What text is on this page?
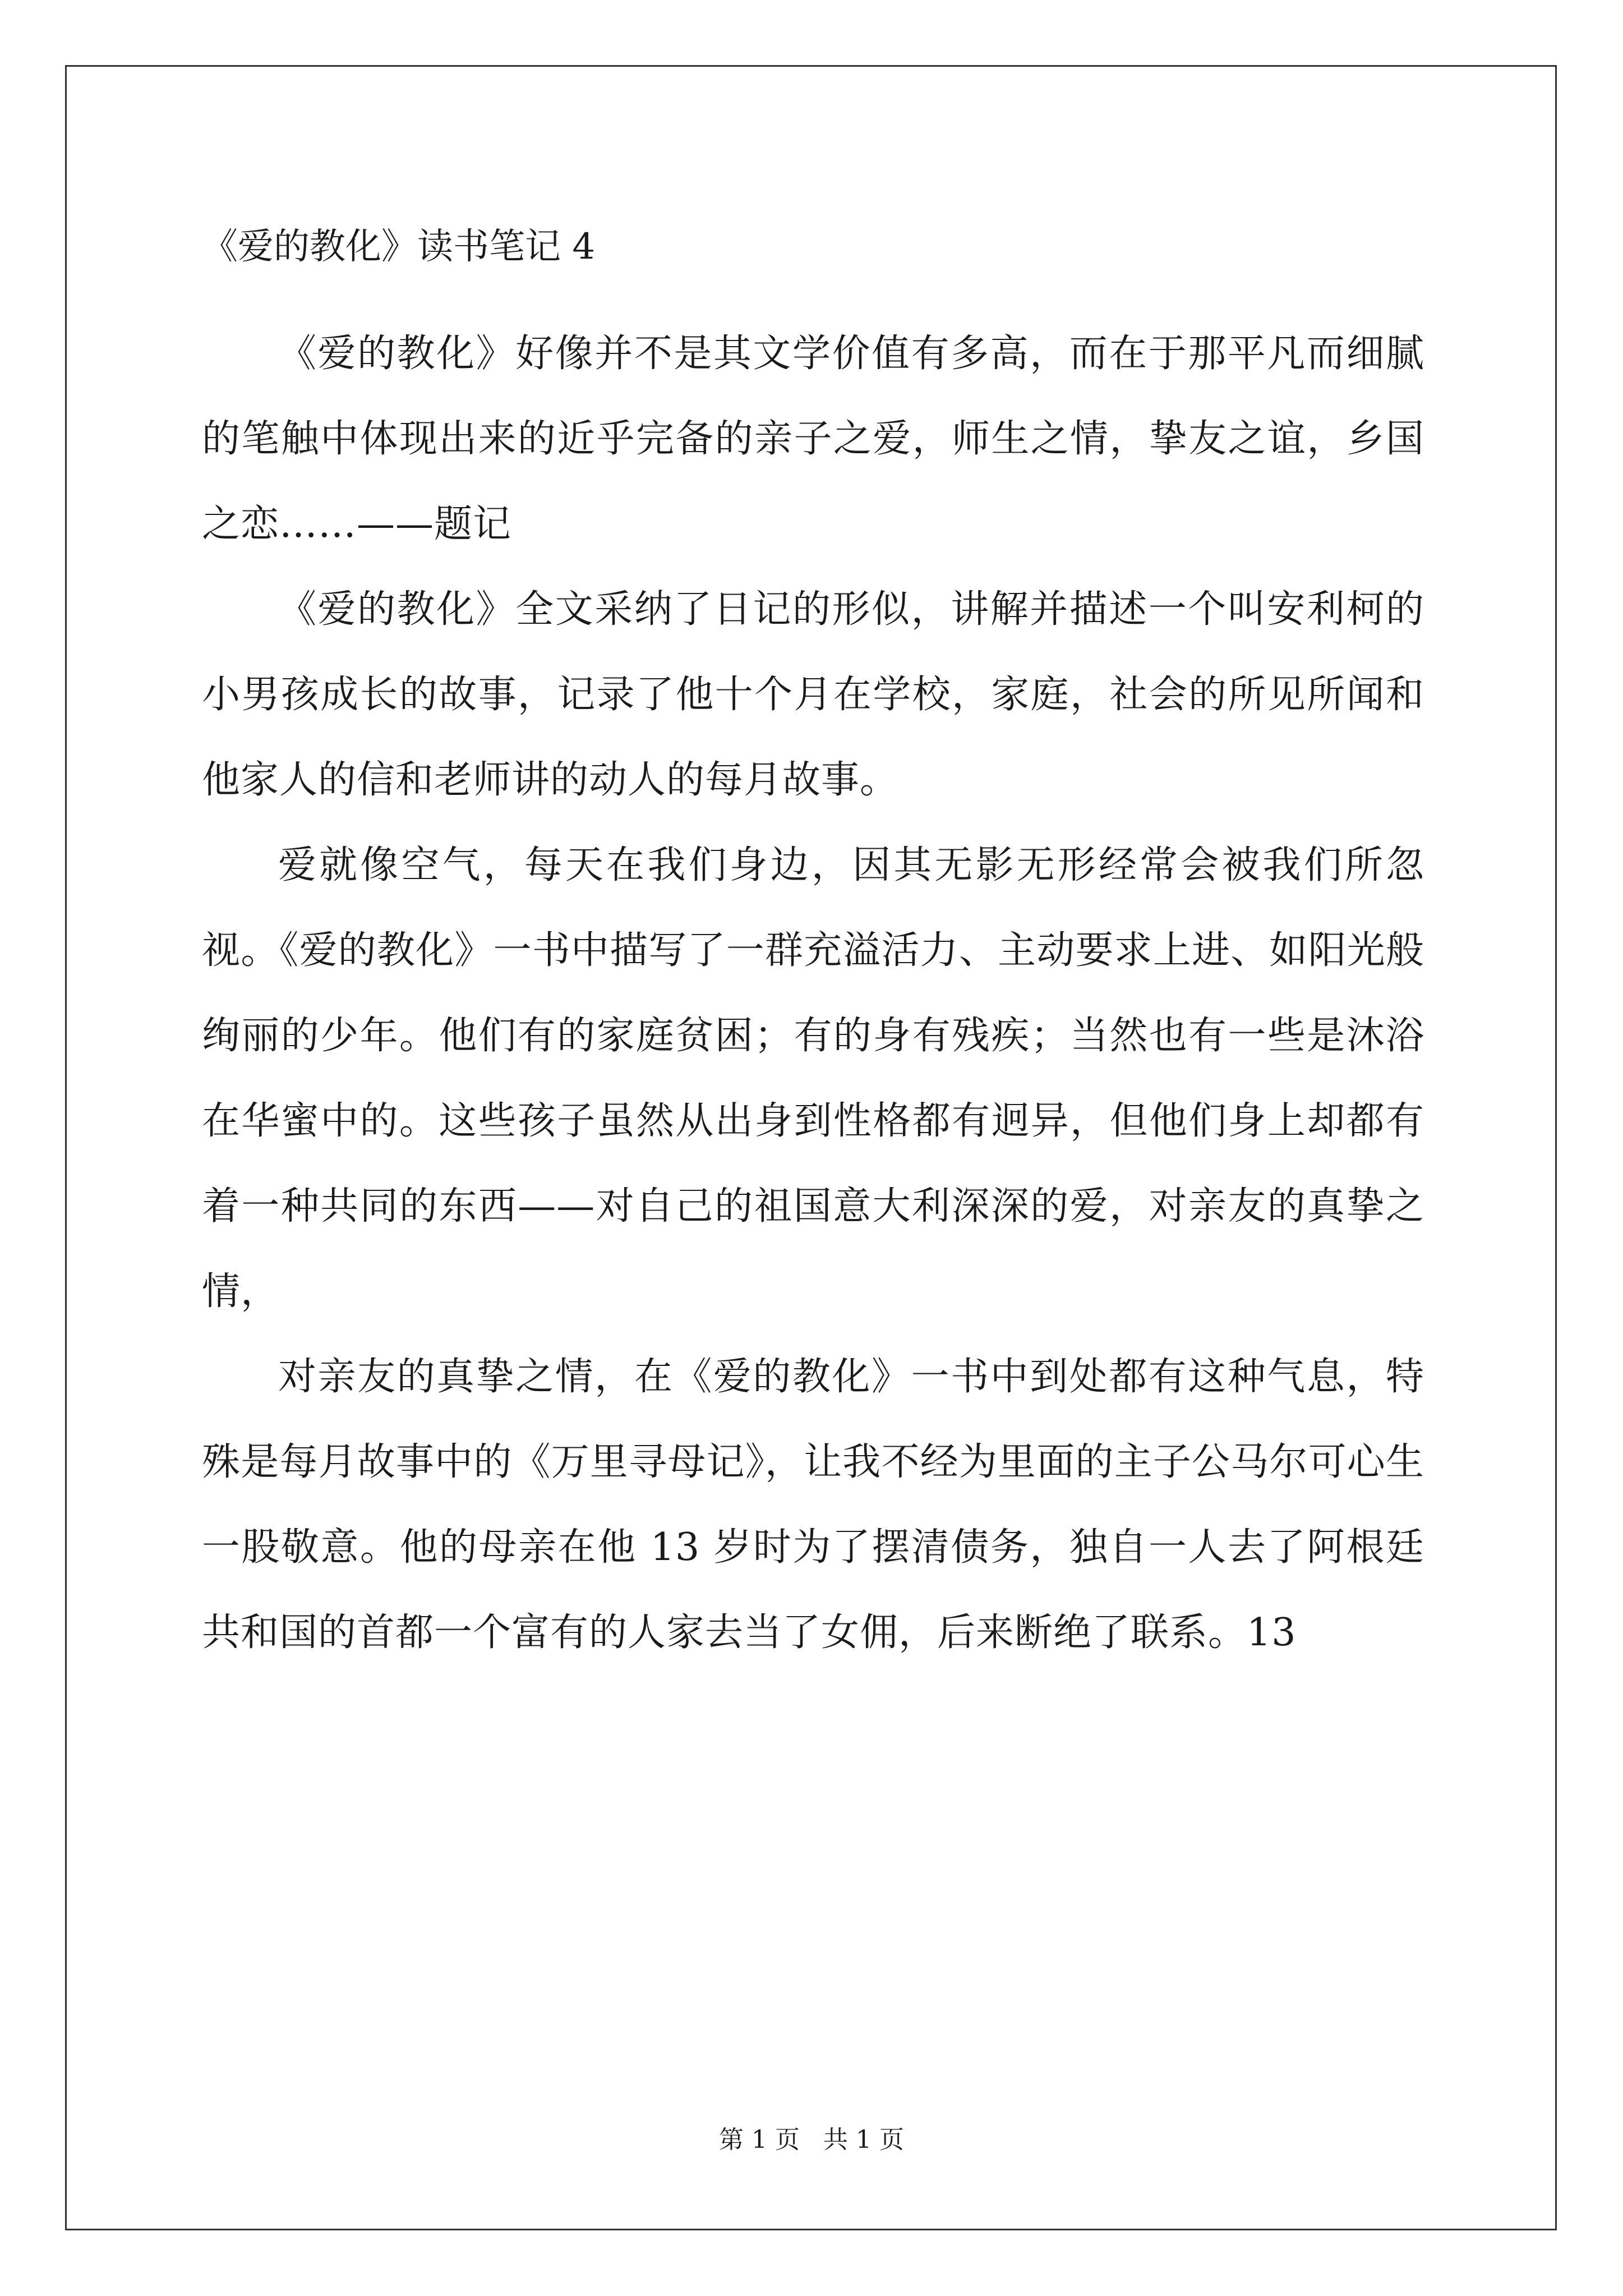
《爱的教化》读书笔记 4

《爱的教化》好像并不是其文学价值有多高，而在于那平凡而细腻的笔触中体现出来的近乎完备的亲子之爱，师生之情，挚友之谊，乡国之恋……——题记

《爱的教化》全文采纳了日记的形似，讲解并描述一个叫安利柯的小男孩成长的故事，记录了他十个月在学校，家庭，社会的所见所闻和他家人的信和老师讲的动人的每月故事。

爱就像空气，每天在我们身边，因其无影无形经常会被我们所忽视。《爱的教化》一书中描写了一群充溢活力、主动要求上进、如阳光般绚丽的少年。他们有的家庭贫困；有的身有残疾；当然也有一些是沐浴在华蜜中的。这些孩子虽然从出身到性格都有迥异，但他们身上却都有着一种共同的东西——对自己的祖国意大利深深的爱，对亲友的真挚之情，

对亲友的真挚之情，在《爱的教化》一书中到处都有这种气息，特殊是每月故事中的《万里寻母记》，让我不经为里面的主子公马尔可心生一股敬意。他的母亲在他 13 岁时为了摆清债务，独自一人去了阿根廷共和国的首都一个富有的人家去当了女佣，后来断绝了联系。13

第 1 页 共 1 页
